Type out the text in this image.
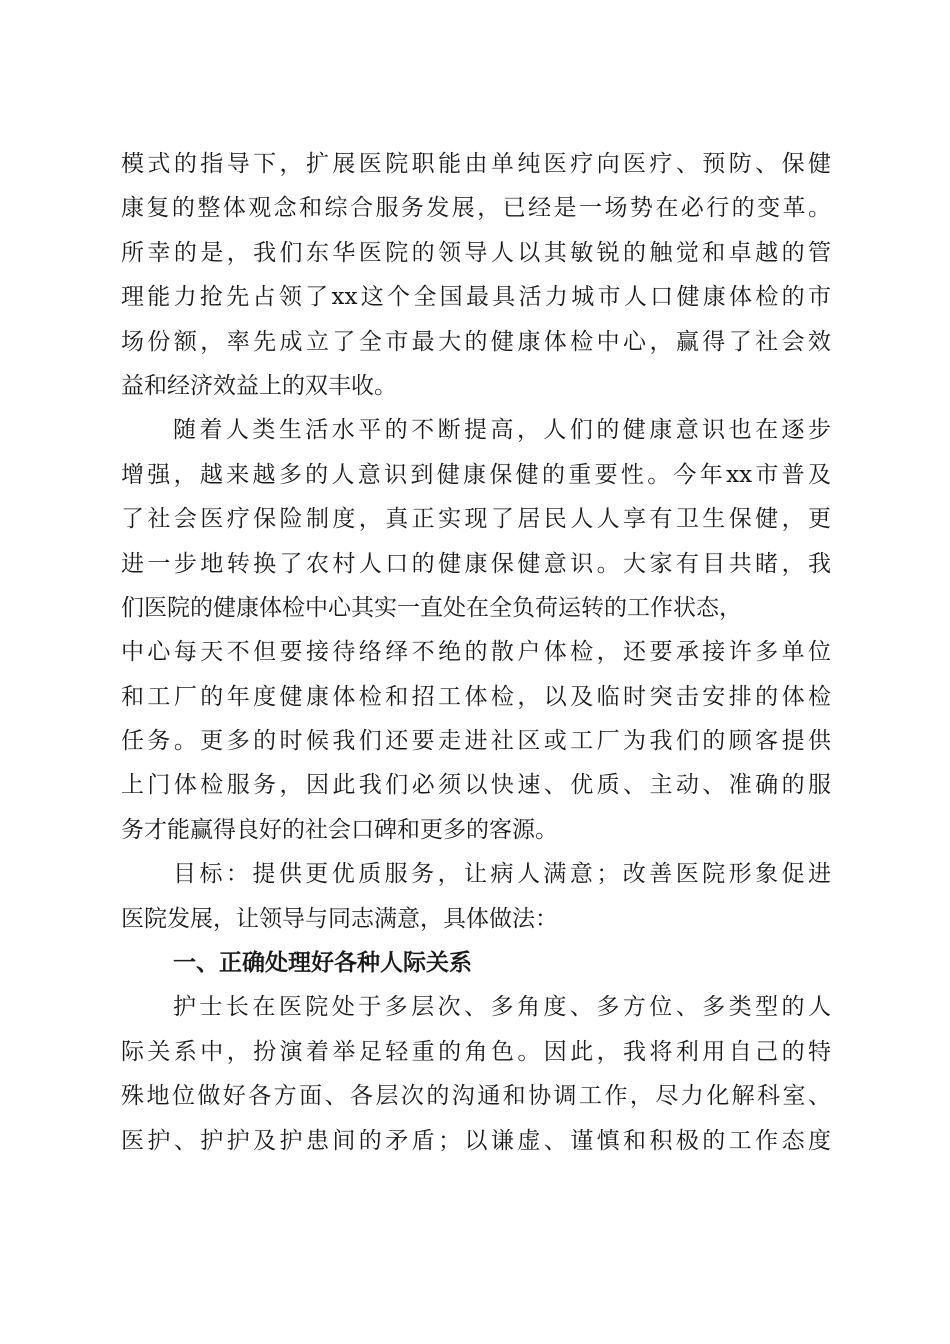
模式的指导下，扩展医院职能由单纯医疗向医疗、预防、保健
康复的整体观念和综合服务发展，已经是一场势在必行的变革。
所幸的是，我们东华医院的领导人以其敏锐的触觉和卓越的管
理能力抢先占领了xx这个全国最具活力城市人口健康体检的市
场份额，率先成立了全市最大的健康体检中心，赢得了社会效
益和经济效益上的双丰收。
随着人类生活水平的不断提高，人们的健康意识也在逐步
增强，越来越多的人意识到健康保健的重要性。今年xx市普及
了社会医疗保险制度，真正实现了居民人人享有卫生保健，更
进一步地转换了农村人口的健康保健意识。大家有目共睹，我
们医院的健康体检中心其实一直处在全负荷运转的工作状态，
中心每天不但要接待络绎不绝的散户体检，还要承接许多单位
和工厂的年度健康体检和招工体检，以及临时突击安排的体检
任务。更多的时候我们还要走进社区或工厂为我们的顾客提供
上门体检服务，因此我们必须以快速、优质、主动、准确的服
务才能赢得良好的社会口碑和更多的客源。
目标：提供更优质服务，让病人满意；改善医院形象促进
医院发展，让领导与同志满意，具体做法：
一、正确处理好各种人际关系
护士长在医院处于多层次、多角度、多方位、多类型的人
际关系中，扮演着举足轻重的角色。因此，我将利用自己的特
殊地位做好各方面、各层次的沟通和协调工作，尽力化解科室、
医护、护护及护患间的矛盾；以谦虚、谨慎和积极的工作态度
